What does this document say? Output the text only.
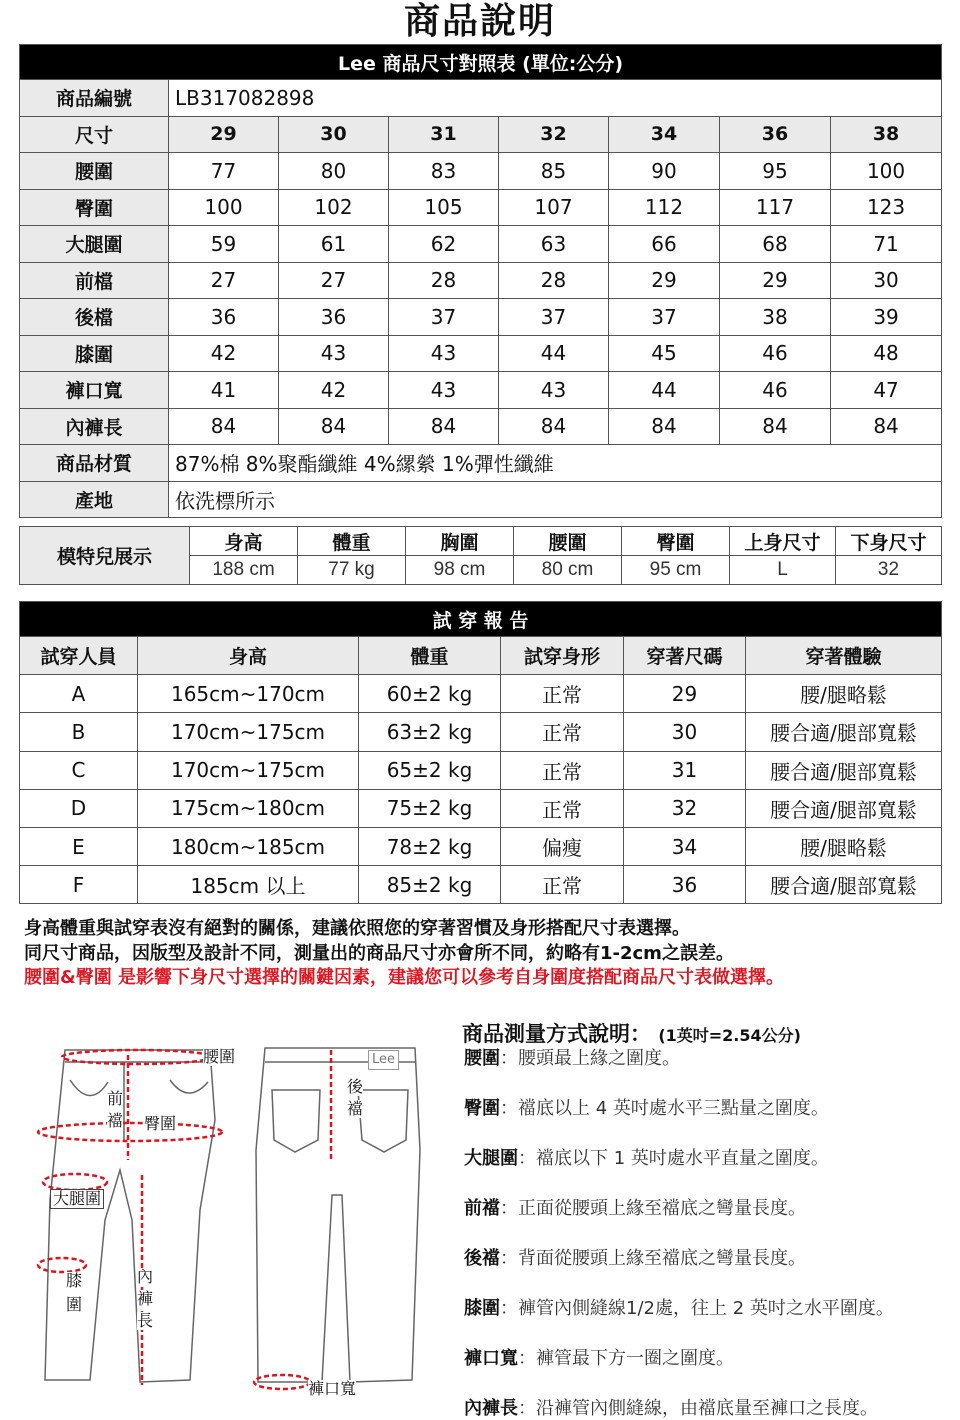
商品說明
Lee 商品尺寸對照表 (單位:公分)							
商品編號	LB317082898						
尺寸	29	30	31	32	34	36	38
腰圍	77	80	83	85	90	95	100
臀圍	100	102	105	107	112	117	123
大腿圍	59	61	62	63	66	68	71
前檔	27	27	28	28	29	29	30
後檔	36	36	37	37	37	38	39
膝圍	42	43	43	44	45	46	48
褲口寬	41	42	43	43	44	46	47
內褲長	84	84	84	84	84	84	84
商品材質	87%棉 8%聚酯纖維 4%縲縈 1%彈性纖維						
產地	依洗標所示						
模特兒展示	身高	體重	胸圍	腰圍	臀圍	上身尺寸	下身尺寸
	188 cm	77 kg	98 cm	80 cm	95 cm	L	32
試 穿 報 告					
試穿人員	身高	體重	試穿身形	穿著尺碼	穿著體驗
A	165cm~170cm	60±2 kg	正常	29	腰/腿略鬆
B	170cm~175cm	63±2 kg	正常	30	腰合適/腿部寬鬆
C	170cm~175cm	65±2 kg	正常	31	腰合適/腿部寬鬆
D	175cm~180cm	75±2 kg	正常	32	腰合適/腿部寬鬆
E	180cm~185cm	78±2 kg	偏瘦	34	腰/腿略鬆
F	185cm 以上	85±2 kg	正常	36	腰合適/腿部寬鬆
身高體重與試穿表沒有絕對的關係，建議依照您的穿著習慣及身形搭配尺寸表選擇。
同尺寸商品，因版型及設計不同，測量出的商品尺寸亦會所不同，約略有1-2cm之誤差。
腰圍&臀圍 是影響下身尺寸選擇的關鍵因素，建議您可以參考自身圍度搭配商品尺寸表做選擇。
腰圍
前
襠 臀圍
大腿圍
膝
圍
內
褲
長
後
襠
褲口寬
Lee
商品測量方式說明： (1英吋=2.54公分)
腰圍：腰頭最上緣之圍度。
臀圍：襠底以上 4 英吋處水平三點量之圍度。
大腿圍：襠底以下 1 英吋處水平直量之圍度。
前襠：正面從腰頭上緣至襠底之彎量長度。
後襠：背面從腰頭上緣至襠底之彎量長度。
膝圍：褲管內側縫線1/2處，往上 2 英吋之水平圍度。
褲口寬：褲管最下方一圈之圍度。
內褲長：沿褲管內側縫線，由襠底量至褲口之長度。
